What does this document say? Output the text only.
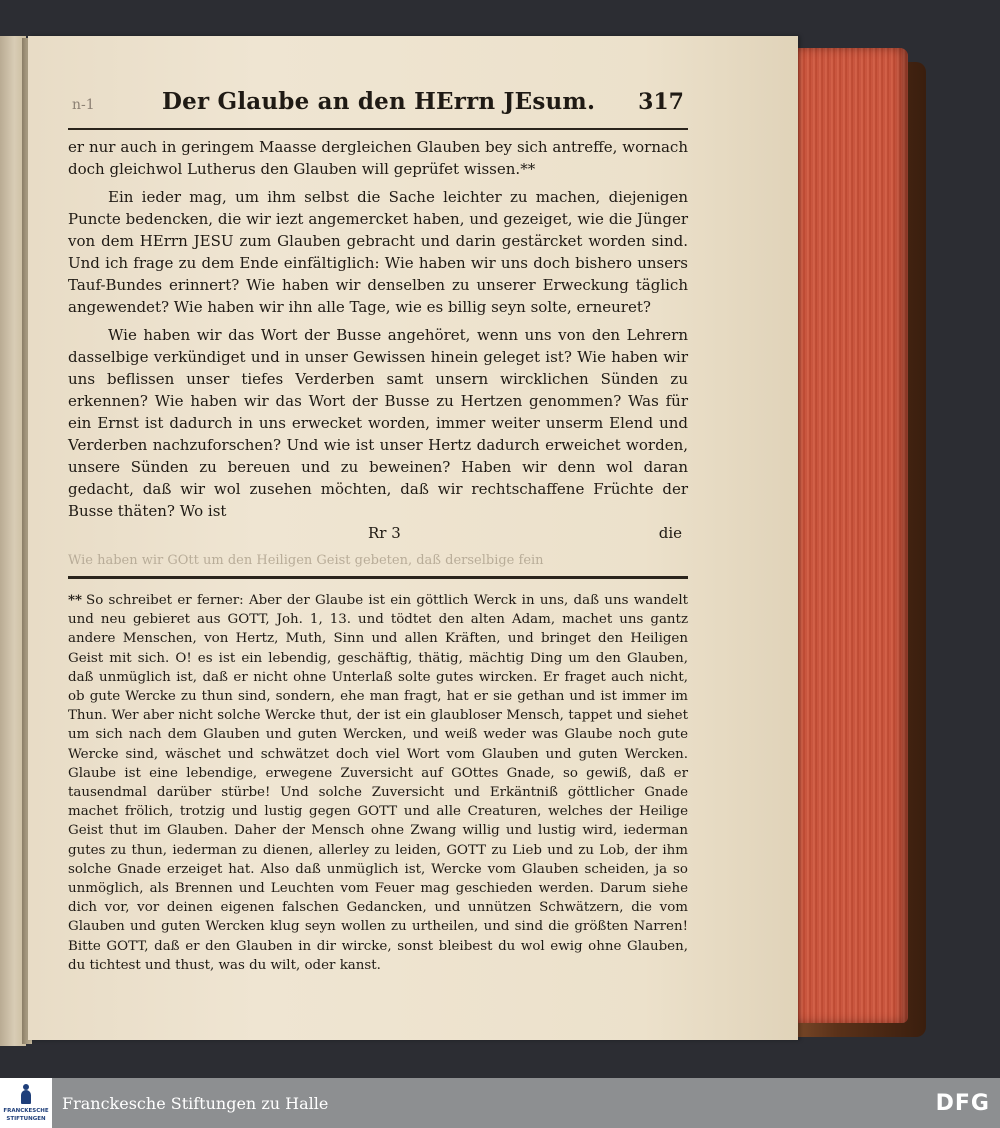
n-1	Der Glaube an den HErrn JEsum.	317

er nur auch in geringem Maasse dergleichen Glauben bey sich antreffe, wornach doch gleichwol Lutherus den Glauben will geprüfet wissen.**

Ein ieder mag, um ihm selbst die Sache leichter zu machen, diejenigen Puncte bedencken, die wir iezt angemercket haben, und gezeiget, wie die Jünger von dem HErrn JESU zum Glauben gebracht und darin gestärcket worden sind. Und ich frage zu dem Ende einfältiglich: Wie haben wir uns doch bishero unsers Tauf-Bundes erinnert? Wie haben wir denselben zu unserer Erweckung täglich angewendet? Wie haben wir ihn alle Tage, wie es billig seyn solte, erneuret?

Wie haben wir das Wort der Busse angehöret, wenn uns von den Lehrern dasselbige verkündiget und in unser Gewissen hinein geleget ist? Wie haben wir uns beflissen unser tiefes Verderben samt unsern wircklichen Sünden zu erkennen? Wie haben wir das Wort der Busse zu Hertzen genommen? Was für ein Ernst ist dadurch in uns erwecket worden, immer weiter unserm Elend und Verderben nachzuforschen? Und wie ist unser Hertz dadurch erweichet worden, unsere Sünden zu bereuen und zu beweinen? Haben wir denn wol daran gedacht, daß wir wol zusehen möchten, daß wir rechtschaffene Früchte der Busse thäten? Wo ist

Rr 3	die
Wie haben wir GOtt um den Heiligen Geist gebeten, daß derselbige fein
** So schreibet er ferner: Aber der Glaube ist ein göttlich Werck in uns, daß uns wandelt und neu gebieret aus GOTT, Joh. 1, 13. und tödtet den alten Adam, machet uns gantz andere Menschen, von Hertz, Muth, Sinn und allen Kräften, und bringet den Heiligen Geist mit sich. O! es ist ein lebendig, geschäftig, thätig, mächtig Ding um den Glauben, daß unmüglich ist, daß er nicht ohne Unterlaß solte gutes wircken. Er fraget auch nicht, ob gute Wercke zu thun sind, sondern, ehe man fragt, hat er sie gethan und ist immer im Thun. Wer aber nicht solche Wercke thut, der ist ein glaubloser Mensch, tappet und siehet um sich nach dem Glauben und guten Wercken, und weiß weder was Glaube noch gute Wercke sind, wäschet und schwätzet doch viel Wort vom Glauben und guten Wercken. Glaube ist eine lebendige, erwegene Zuversicht auf GOttes Gnade, so gewiß, daß er tausendmal darüber stürbe! Und solche Zuversicht und Erkäntniß göttlicher Gnade machet frölich, trotzig und lustig gegen GOTT und alle Creaturen, welches der Heilige Geist thut im Glauben. Daher der Mensch ohne Zwang willig und lustig wird, iederman gutes zu thun, iederman zu dienen, allerley zu leiden, GOTT zu Lieb und zu Lob, der ihm solche Gnade erzeiget hat. Also daß unmüglich ist, Wercke vom Glauben scheiden, ja so unmöglich, als Brennen und Leuchten vom Feuer mag geschieden werden. Darum siehe dich vor, vor deinen eigenen falschen Gedancken, und unnützen Schwätzern, die vom Glauben und guten Wercken klug seyn wollen zu urtheilen, und sind die größten Narren! Bitte GOTT, daß er den Glauben in dir wircke, sonst bleibest du wol ewig ohne Glauben, du tichtest und thust, was du wilt, oder kanst.
FRANCKESCHE
STIFTUNGEN
Franckesche Stiftungen zu Halle	DFG
